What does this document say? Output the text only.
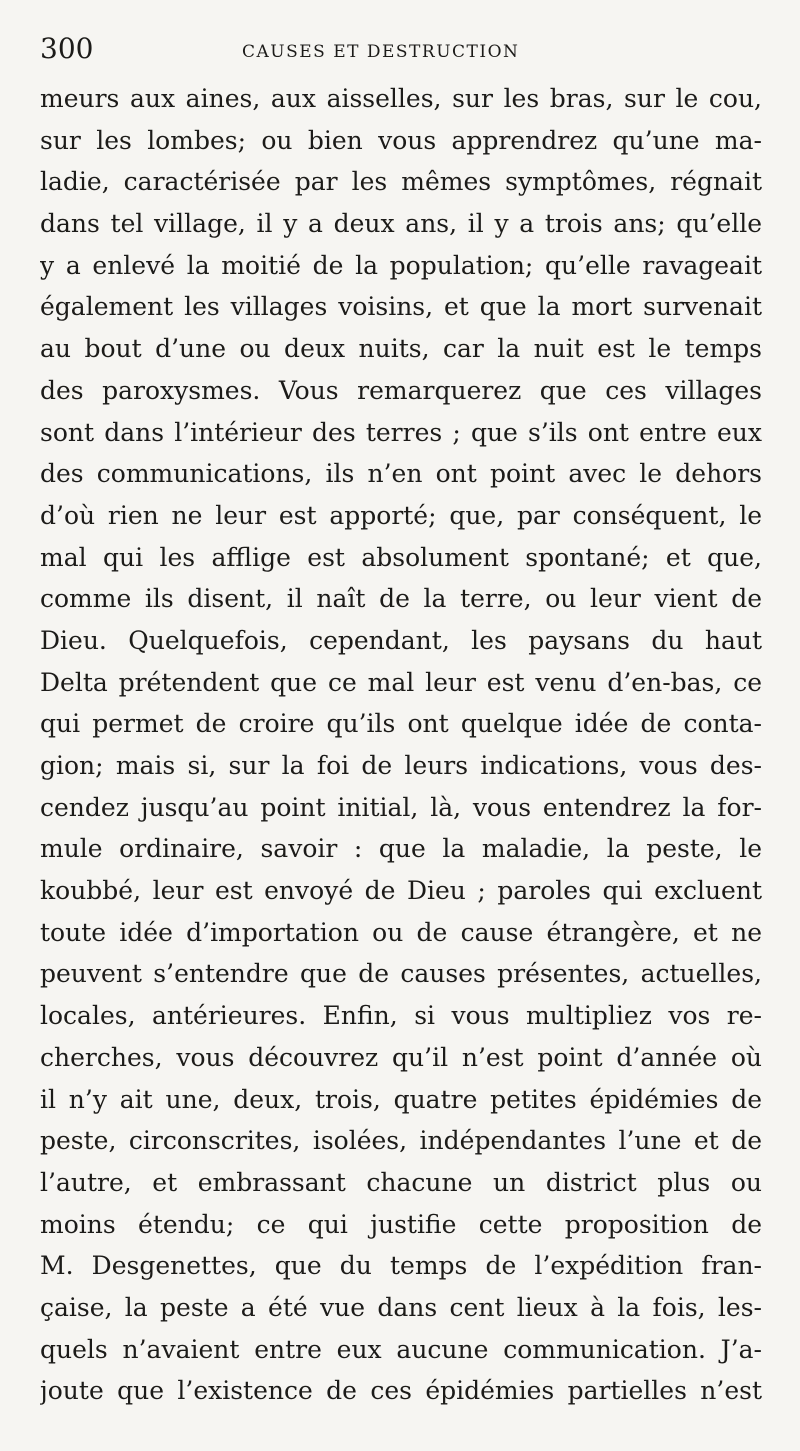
300	CAUSES ET DESTRUCTION
meurs aux aines, aux aisselles, sur les bras, sur le cou,
sur les lombes; ou bien vous apprendrez qu’une ma-
ladie, caractérisée par les mêmes symptômes, régnait
dans tel village, il y a deux ans, il y a trois ans; qu’elle
y a enlevé la moitié de la population; qu’elle ravageait
également les villages voisins, et que la mort survenait
au bout d’une ou deux nuits, car la nuit est le temps
des paroxysmes. Vous remarquerez que ces villages
sont dans l’intérieur des terres ; que s’ils ont entre eux
des communications, ils n’en ont point avec le dehors
d’où rien ne leur est apporté; que, par conséquent, le
mal qui les afflige est absolument spontané; et que,
comme ils disent, il naît de la terre, ou leur vient de
Dieu. Quelquefois, cependant, les paysans du haut
Delta prétendent que ce mal leur est venu d’en-bas, ce
qui permet de croire qu’ils ont quelque idée de conta-
gion; mais si, sur la foi de leurs indications, vous des-
cendez jusqu’au point initial, là, vous entendrez la for-
mule ordinaire, savoir : que la maladie, la peste, le
koubbé, leur est envoyé de Dieu ; paroles qui excluent
toute idée d’importation ou de cause étrangère, et ne
peuvent s’entendre que de causes présentes, actuelles,
locales, antérieures. Enfin, si vous multipliez vos re-
cherches, vous découvrez qu’il n’est point d’année où
il n’y ait une, deux, trois, quatre petites épidémies de
peste, circonscrites, isolées, indépendantes l’une et de
l’autre, et embrassant chacune un district plus ou
moins étendu; ce qui justifie cette proposition de
M. Desgenettes, que du temps de l’expédition fran-
çaise, la peste a été vue dans cent lieux à la fois, les-
quels n’avaient entre eux aucune communication. J’a-
joute que l’existence de ces épidémies partielles n’est
